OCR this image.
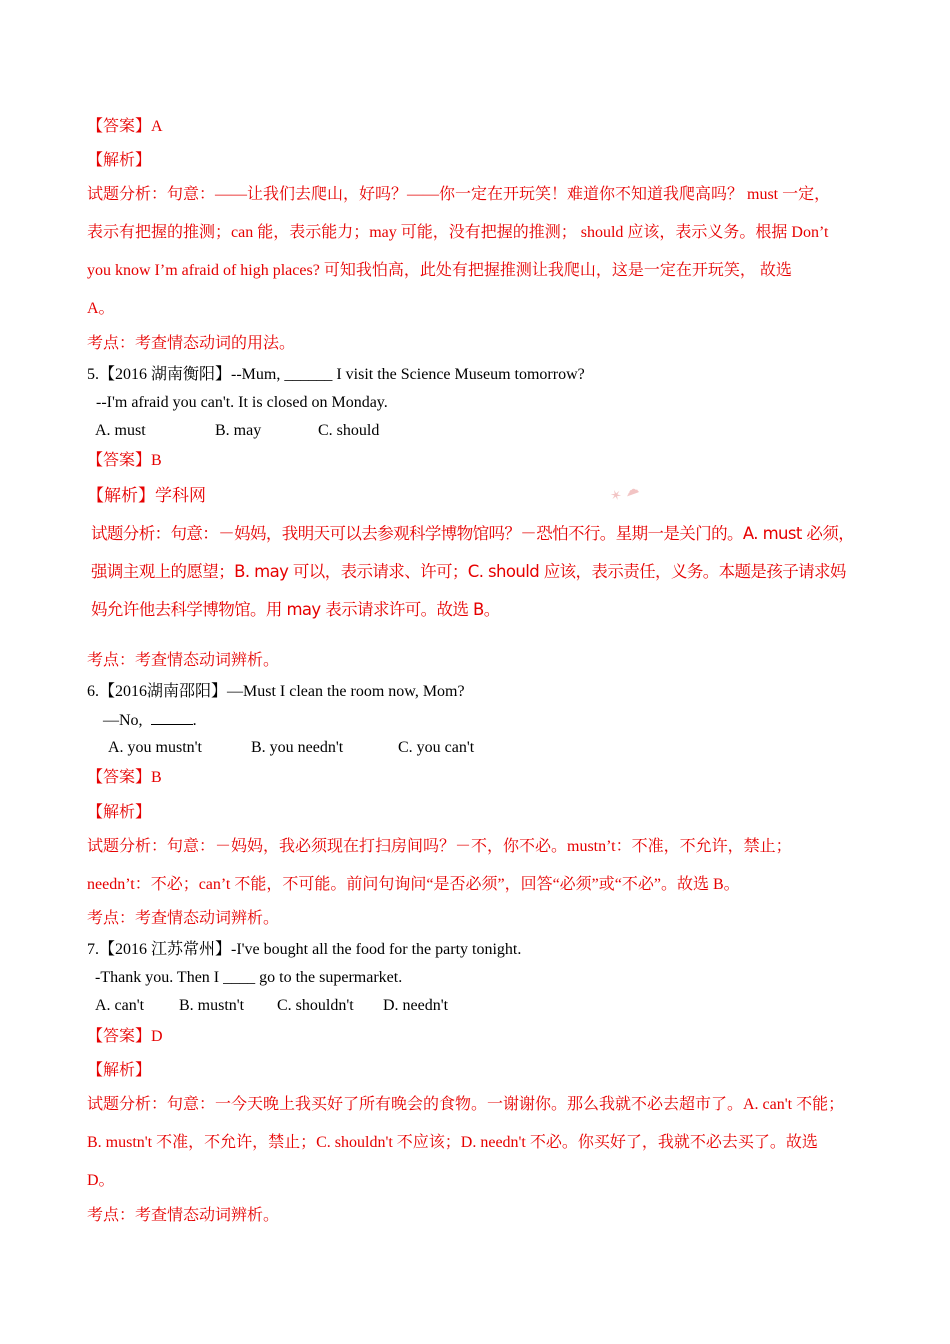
【答案】A
【解析】
试题分析：句意：——让我们去爬山，好吗？——你一定在开玩笑！难道你不知道我爬高吗？ must 一定，
表示有把握的推测；can 能，表示能力；may 可能，没有把握的推测； should 应该，表示义务。根据 Don’t
you know I’m afraid of high places? 可知我怕高，此处有把握推测让我爬山，这是一定在开玩笑， 故选
A。
考点：考查情态动词的用法。
5.【2016 湖南衡阳】--Mum, ______ I visit the Science Museum tomorrow?
--I'm afraid you can't. It is closed on Monday.
A. must	B. may	C. should
【答案】B
【解析】学科网	✶ ☁
试题分析：句意：－妈妈，我明天可以去参观科学博物馆吗？－恐怕不行。星期一是关门的。A. must 必须，
强调主观上的愿望；B. may 可以，表示请求、许可；C. should 应该，表示责任，义务。本题是孩子请求妈
妈允许他去科学博物馆。用 may 表示请求许可。故选 B。
考点：考查情态动词辨析。
6.【2016湖南邵阳】—Must I clean the room now, Mom?
—No,	.
A. you mustn't	B. you needn't	C. you can't
【答案】B
【解析】
试题分析：句意：－妈妈，我必须现在打扫房间吗？－不，你不必。mustn’t：不准，不允许，禁止；
needn’t：不必；can’t 不能，不可能。前问句询问“是否必须”，回答“必须”或“不必”。故选 B。
考点：考查情态动词辨析。
7.【2016 江苏常州】-I've bought all the food for the party tonight.
-Thank you. Then I ____ go to the supermarket.
A. can't B. mustn't C. shouldn't D. needn't
【答案】D
【解析】
试题分析：句意：一今天晚上我买好了所有晚会的食物。一谢谢你。那么我就不必去超市了。A. can't 不能；
B. mustn't 不准，不允许，禁止；C. shouldn't 不应该；D. needn't 不必。你买好了，我就不必去买了。故选
D。
考点：考查情态动词辨析。
